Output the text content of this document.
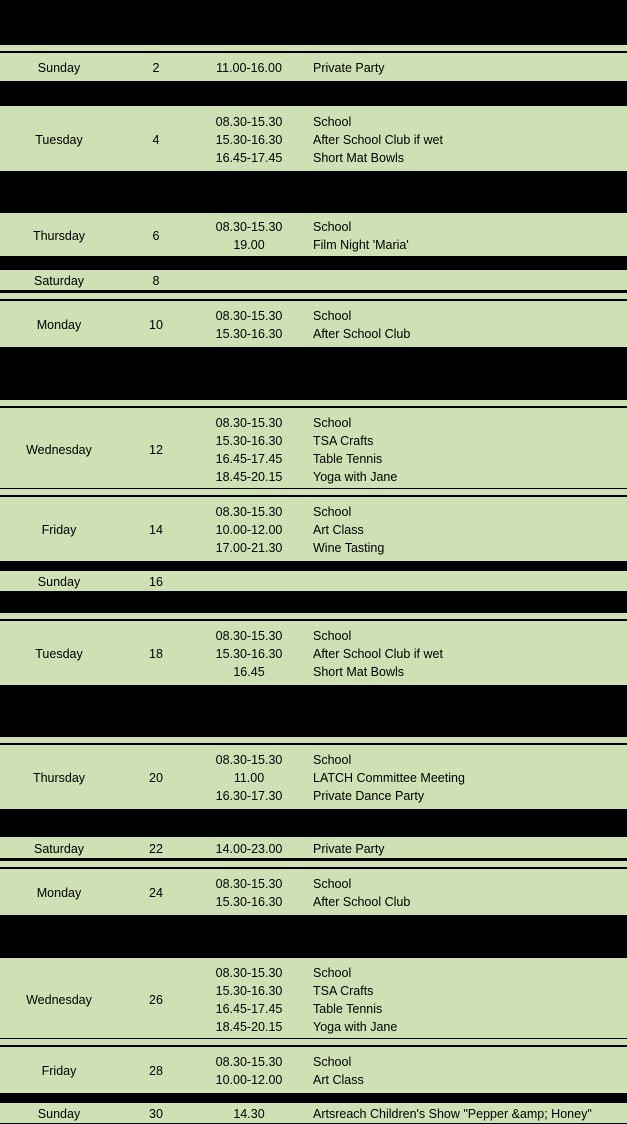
Sunday	2	11.00-16.00	Private Party
Tuesday	4
08.30-15.30	School
15.30-16.30	After School Club if wet
16.45-17.45	Short Mat Bowls
Thursday	6
08.30-15.30	School
19.00	Film Night 'Maria'
Saturday	8
Monday	10
08.30-15.30	School
15.30-16.30	After School Club
Wednesday	12
08.30-15.30	School
15.30-16.30	TSA Crafts
16.45-17.45	Table Tennis
18.45-20.15	Yoga with Jane
Friday	14
08.30-15.30	School
10.00-12.00	Art Class
17.00-21.30	Wine Tasting
Sunday	16
Tuesday	18
08.30-15.30	School
15.30-16.30	After School Club if wet
16.45	Short Mat Bowls
Thursday	20
08.30-15.30	School
11.00	LATCH Committee Meeting
16.30-17.30	Private Dance Party
Saturday	22	14.00-23.00	Private Party
Monday	24
08.30-15.30	School
15.30-16.30	After School Club
Wednesday	26
08.30-15.30	School
15.30-16.30	TSA Crafts
16.45-17.45	Table Tennis
18.45-20.15	Yoga with Jane
Friday	28
08.30-15.30	School
10.00-12.00	Art Class
Sunday	30	14.30	Artsreach Children's Show "Pepper &amp; Honey"
